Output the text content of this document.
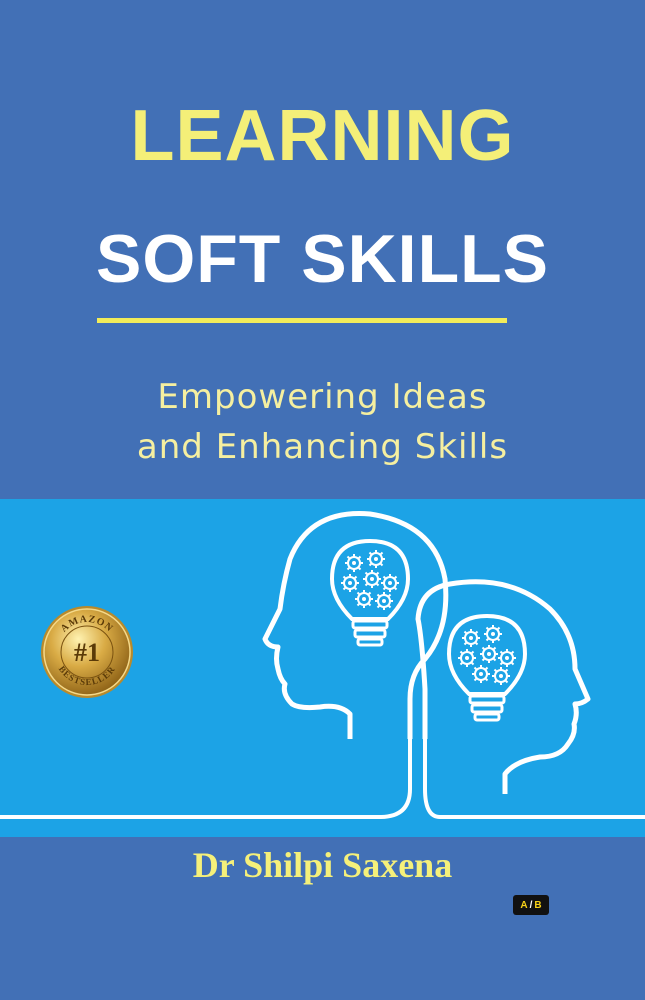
LEARNING
SOFT SKILLS
Empowering Ideas
and Enhancing Skills
AMAZON
BESTSELLER
#1
Dr Shilpi Saxena
A / B
